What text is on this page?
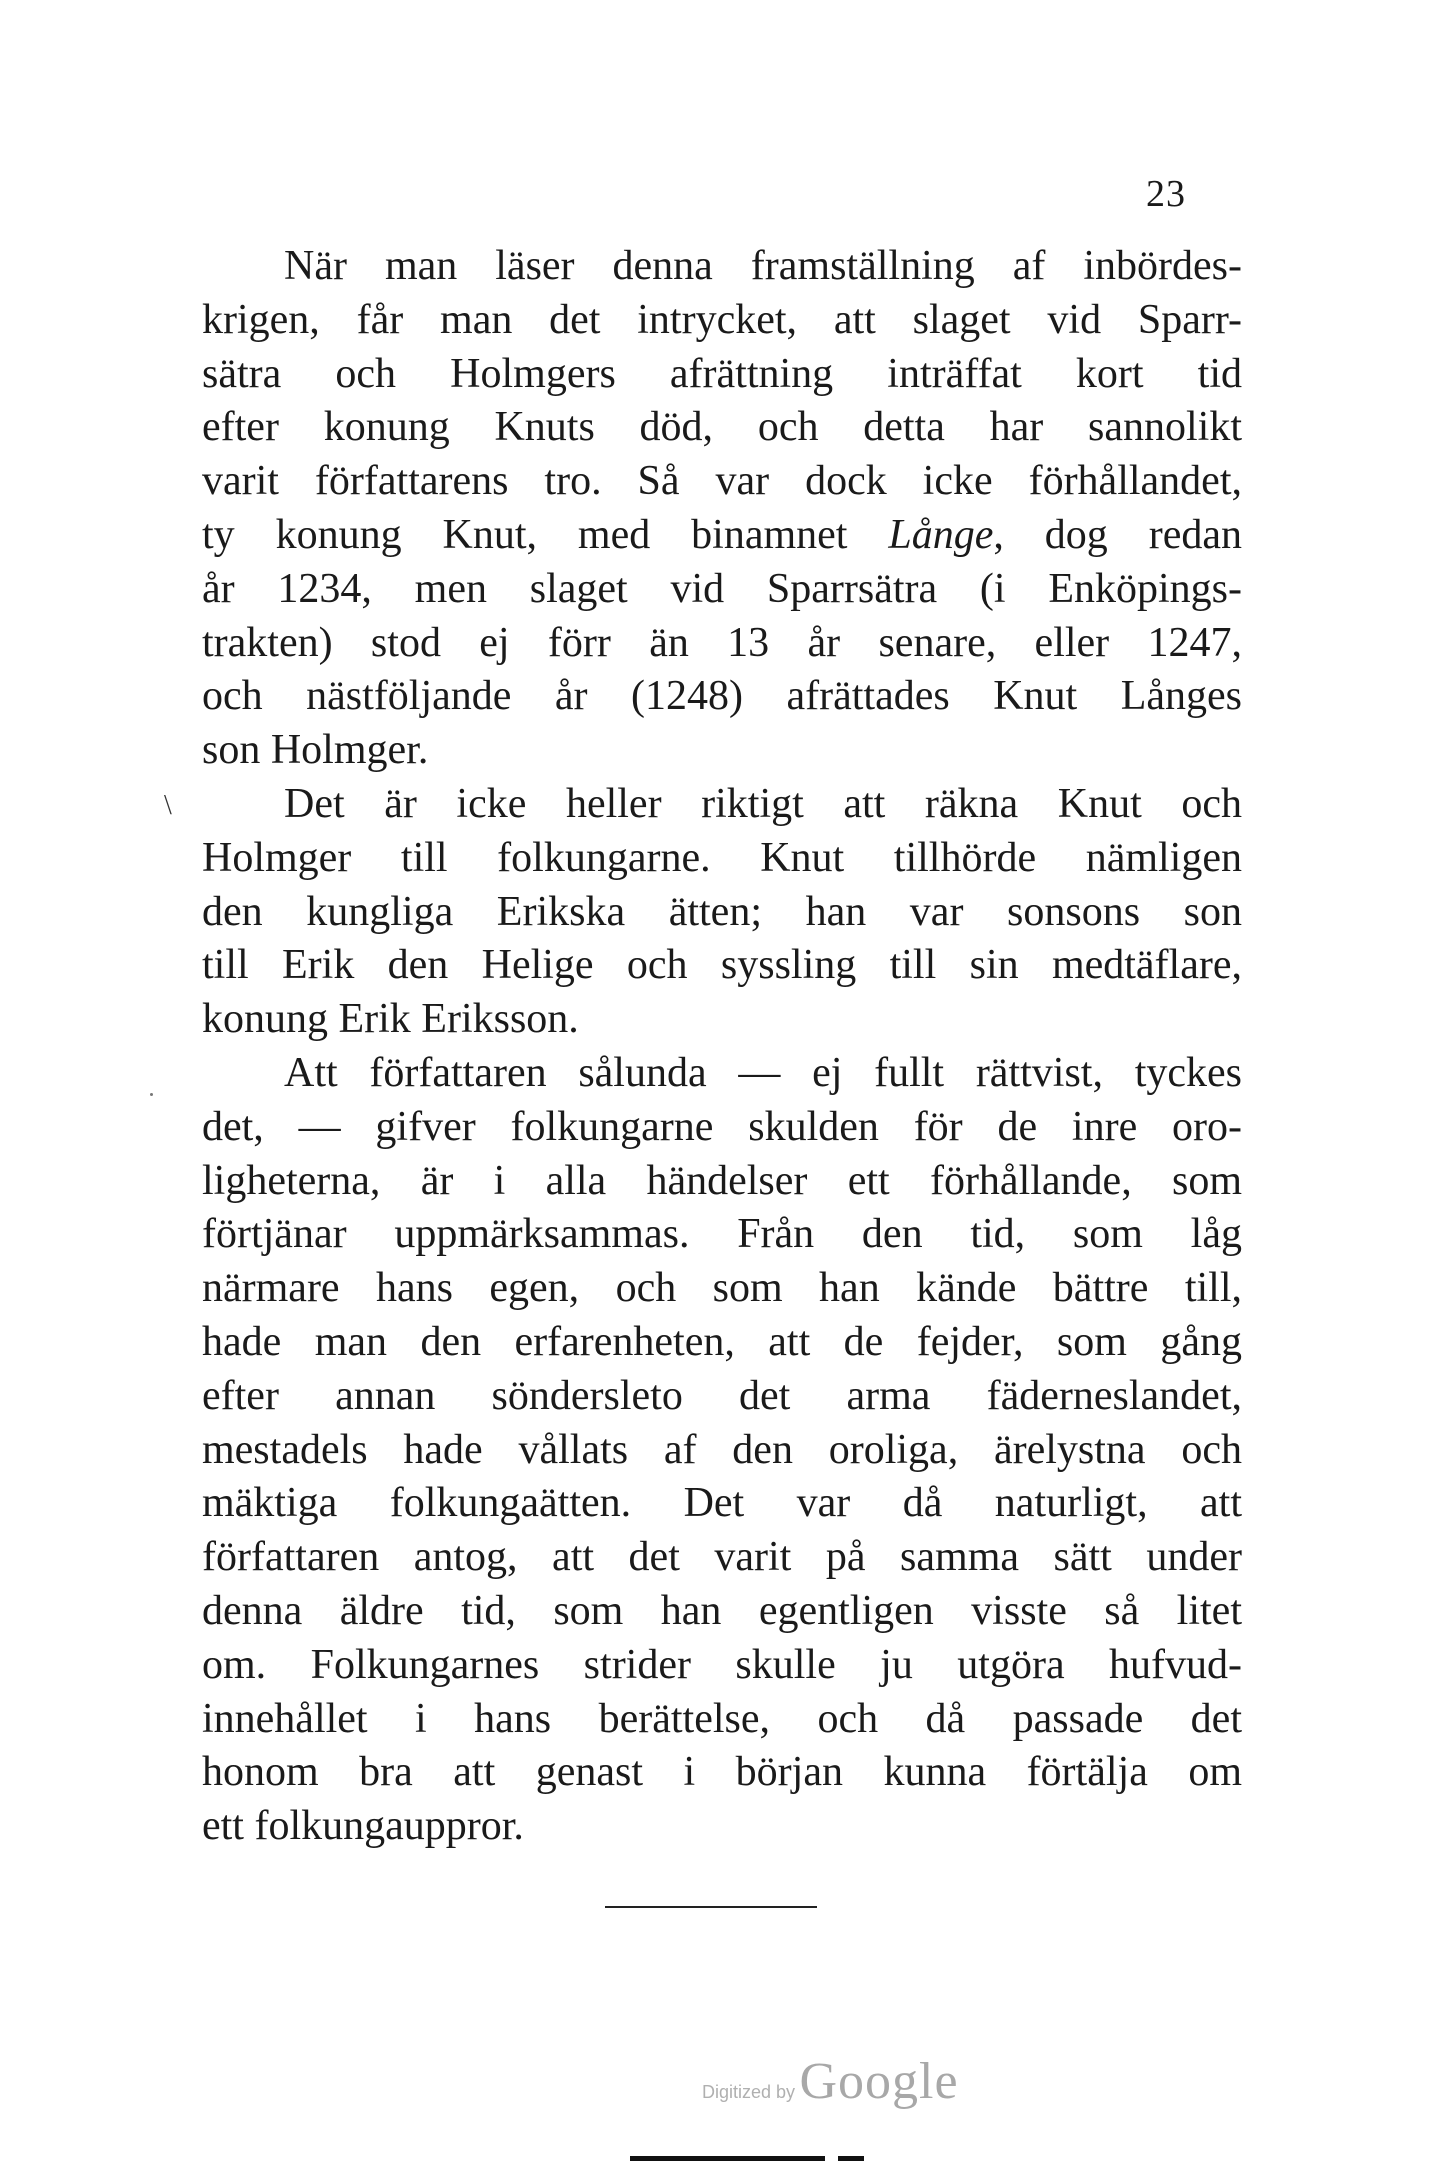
23
\
När man läser denna framställning af inbördes-
krigen, får man det intrycket, att slaget vid Sparr-
sätra och Holmgers afrättning inträffat kort tid
efter konung Knuts död, och detta har sannolikt
varit författarens tro. Så var dock icke förhållandet,
ty konung Knut, med binamnet Långe, dog redan
år 1234, men slaget vid Sparrsätra (i Enköpings-
trakten) stod ej förr än 13 år senare, eller 1247,
och nästföljande år (1248) afrättades Knut Långes
son Holmger.
Det är icke heller riktigt att räkna Knut och
Holmger till folkungarne. Knut tillhörde nämligen
den kungliga Erikska ätten; han var sonsons son
till Erik den Helige och syssling till sin medtäflare,
konung Erik Eriksson.
Att författaren sålunda — ej fullt rättvist, tyckes
det, — gifver folkungarne skulden för de inre oro-
ligheterna, är i alla händelser ett förhållande, som
förtjänar uppmärksammas. Från den tid, som låg
närmare hans egen, och som han kände bättre till,
hade man den erfarenheten, att de fejder, som gång
efter annan söndersleto det arma fäderneslandet,
mestadels hade vållats af den oroliga, ärelystna och
mäktiga folkungaätten. Det var då naturligt, att
författaren antog, att det varit på samma sätt under
denna äldre tid, som han egentligen visste så litet
om. Folkungarnes strider skulle ju utgöra hufvud-
innehållet i hans berättelse, och då passade det
honom bra att genast i början kunna förtälja om
ett folkungauppror.
Digitized by Google
